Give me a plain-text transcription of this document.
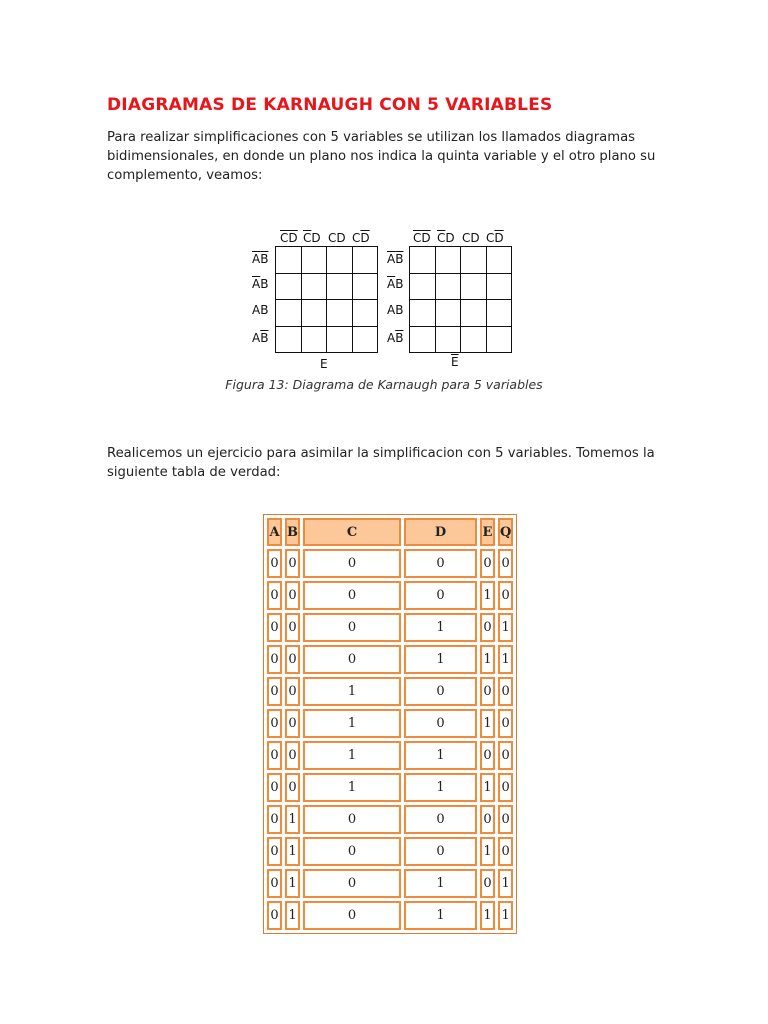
DIAGRAMAS DE KARNAUGH CON 5 VARIABLES

Para realizar simplificaciones con 5 variables se utilizan los llamados diagramas bidimensionales, en donde un plano nos indica la quinta variable y el otro plano su complemento, veamos:

$\overline{CD}$ $\overline{C}D$ CD $C\overline{D}$
$\overline{A}\overline{B}$
$\overline{A}B$
AB
$A\overline{B}$

E
$\overline{C}\overline{D}$ $\overline{C}D$ CD $C\overline{D}$
$\overline{A}\overline{B}$
$\overline{A}B$
AB
$A\overline{B}$

$\overline{E}$
Figura 13: Diagrama de Karnaugh para 5 variables

Realicemos un ejercicio para asimilar la simplificacion con 5 variables. Tomemos la siguiente tabla de verdad:

A	B	C	D	E	Q
0	0	0	0	0	0
0	0	0	0	1	0
0	0	0	1	0	1
0	0	0	1	1	1
0	0	1	0	0	0
0	0	1	0	1	0
0	0	1	1	0	0
0	0	1	1	1	0
0	1	0	0	0	0
0	1	0	0	1	0
0	1	0	1	0	1
0	1	0	1	1	1
